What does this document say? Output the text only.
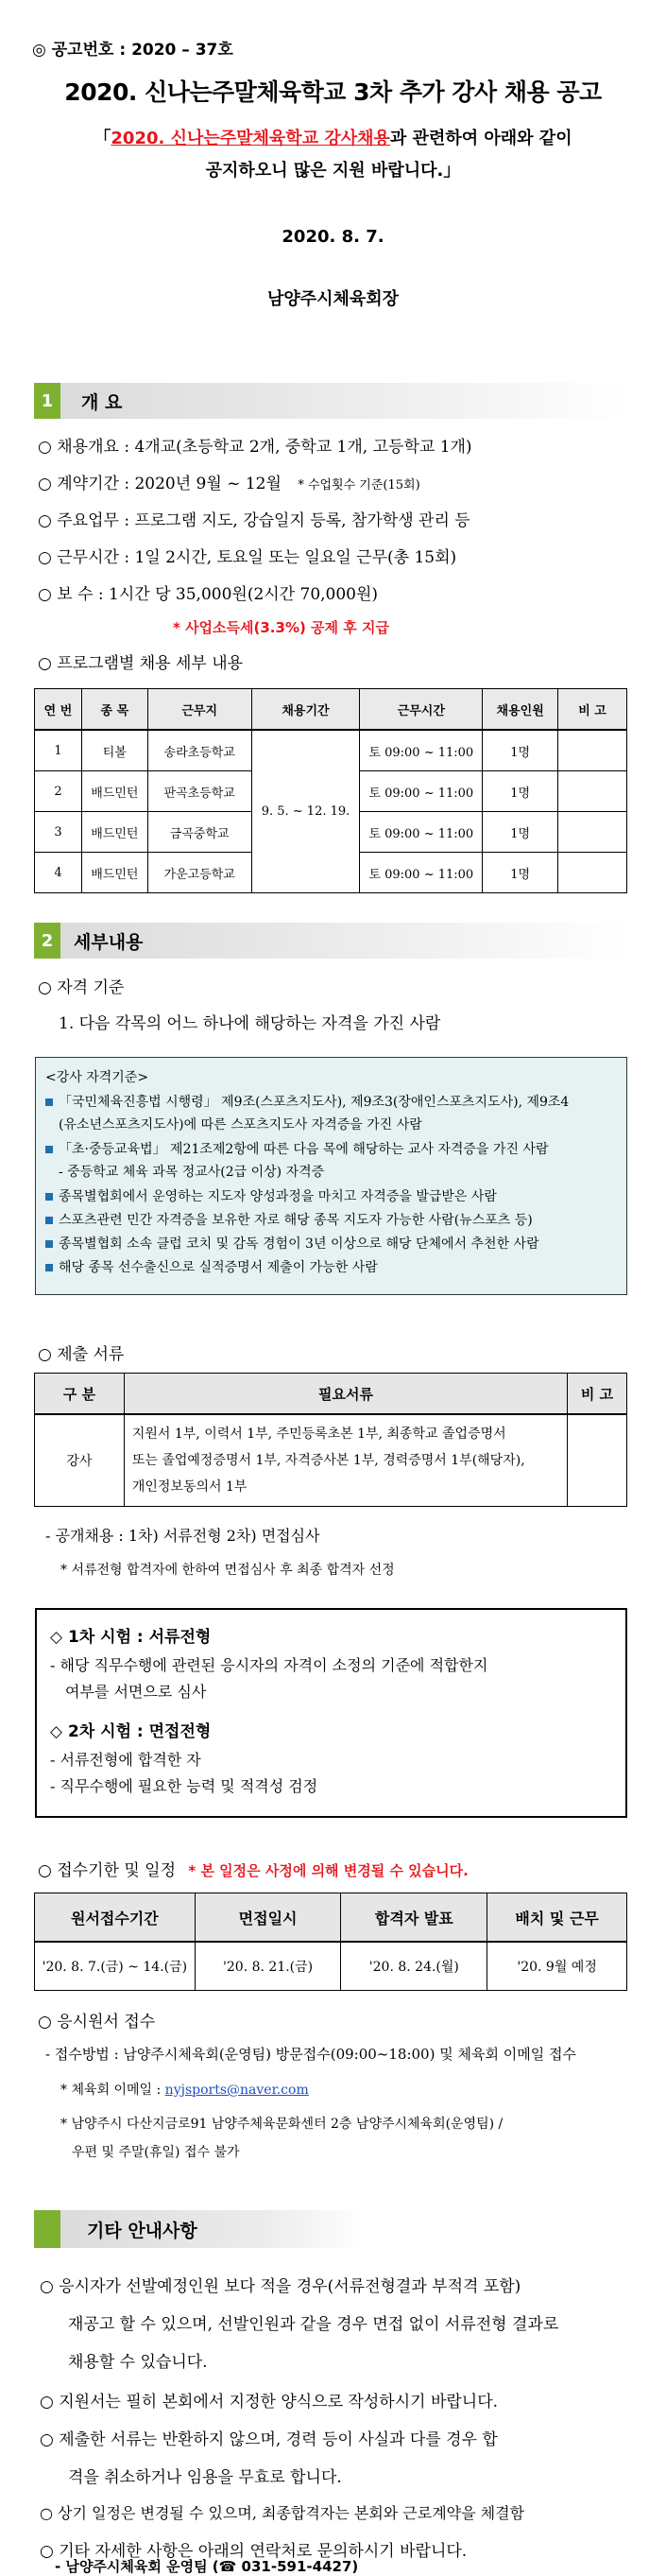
◎ 공고번호 : 2020 – 37호
2020. 신나는주말체육학교 3차 추가 강사 채용 공고
「2020. 신나는주말체육학교 강사채용과 관련하여 아래와 같이
공지하오니 많은 지원 바랍니다.」
2020. 8. 7.
남양주시체육회장
1	개 요
○ 채용개요 : 4개교(초등학교 2개, 중학교 1개, 고등학교 1개)
○ 계약기간 : 2020년 9월 ~ 12월 * 수업횟수 기준(15회)
○ 주요업무 : 프로그램 지도, 강습일지 등록, 참가학생 관리 등
○ 근무시간 : 1일 2시간, 토요일 또는 일요일 근무(총 15회)
○ 보 수 : 1시간 당 35,000원(2시간 70,000원)
* 사업소득세(3.3%) 공제 후 지급
○ 프로그램별 채용 세부 내용
연 번	종 목	근무지	채용기간	근무시간	채용인원	비 고
1	티볼	송라초등학교	9. 5. ~ 12. 19.	토 09:00 ~ 11:00	1명	
2	배드민턴	판곡초등학교		토 09:00 ~ 11:00	1명	
3	배드민턴	금곡중학교		토 09:00 ~ 11:00	1명	
4	배드민턴	가운고등학교		토 09:00 ~ 11:00	1명	
2	세부내용
○ 자격 기준
1. 다음 각목의 어느 하나에 해당하는 자격을 가진 사람
<강사 자격기준>
「국민체육진흥법 시행령」 제9조(스포츠지도사), 제9조3(장애인스포츠지도사), 제9조4
(유소년스포츠지도사)에 따른 스포츠지도사 자격증을 가진 사람
「초·중등교육법」 제21조제2항에 따른 다음 목에 해당하는 교사 자격증을 가진 사람
- 중등학교 체육 과목 정교사(2급 이상) 자격증
종목별협회에서 운영하는 지도자 양성과정을 마치고 자격증을 발급받은 사람
스포츠관련 민간 자격증을 보유한 자로 해당 종목 지도자 가능한 사람(뉴스포츠 등)
종목별협회 소속 클럽 코치 및 감독 경험이 3년 이상으로 해당 단체에서 추천한 사람
해당 종목 선수출신으로 실적증명서 제출이 가능한 사람
○ 제출 서류
구 분	필요서류	비 고
강사	지원서 1부, 이력서 1부, 주민등록초본 1부, 최종학교 졸업증명서
또는 졸업예정증명서 1부, 자격증사본 1부, 경력증명서 1부(해당자),
개인정보동의서 1부	

- 공개채용 : 1차) 서류전형 2차) 면접심사
* 서류전형 합격자에 한하여 면접심사 후 최종 합격자 선정
◇ 1차 시험 : 서류전형
- 해당 직무수행에 관련된 응시자의 자격이 소정의 기준에 적합한지
여부를 서면으로 심사
◇ 2차 시험 : 면접전형
- 서류전형에 합격한 자
- 직무수행에 필요한 능력 및 적격성 검정
○ 접수기한 및 일정 * 본 일정은 사정에 의해 변경될 수 있습니다.
원서접수기간	면접일시	합격자 발표	배치 및 근무
'20. 8. 7.(금) ~ 14.(금)	'20. 8. 21.(금)	'20. 8. 24.(월)	'20. 9월 예정
○ 응시원서 접수
- 접수방법 : 남양주시체육회(운영팀) 방문접수(09:00~18:00) 및 체육회 이메일 접수
* 체육회 이메일 : nyjsports@naver.com
* 남양주시 다산지금로91 남양주체육문화센터 2층 남양주시체육회(운영팀) /
우편 및 주말(휴일) 접수 불가
기타 안내사항
○ 응시자가 선발예정인원 보다 적을 경우(서류전형결과 부적격 포함)
재공고 할 수 있으며, 선발인원과 같을 경우 면접 없이 서류전형 결과로
채용할 수 있습니다.
○ 지원서는 필히 본회에서 지정한 양식으로 작성하시기 바랍니다.
○ 제출한 서류는 반환하지 않으며, 경력 등이 사실과 다를 경우 합
격을 취소하거나 임용을 무효로 합니다.
○ 상기 일정은 변경될 수 있으며, 최종합격자는 본회와 근로계약을 체결함
○ 기타 자세한 사항은 아래의 연락처로 문의하시기 바랍니다.
- 남양주시체육회 운영팀 (☎ 031-591-4427)
